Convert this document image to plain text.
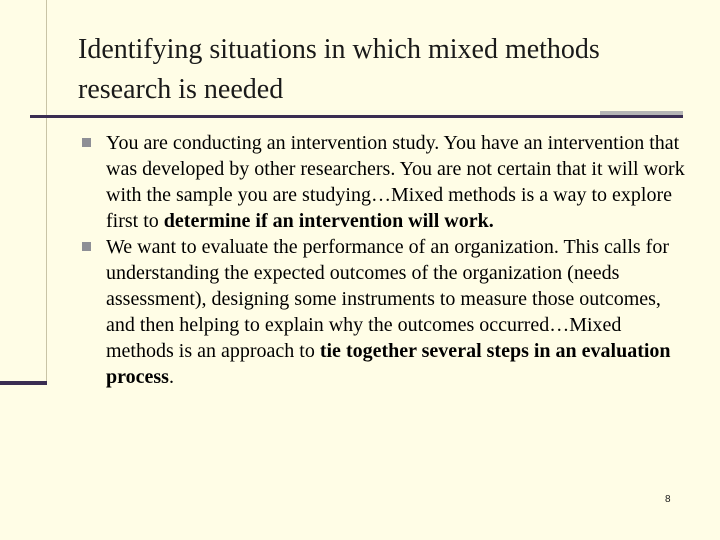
Identifying situations in which mixed methods research is needed
You are conducting an intervention study. You have an intervention that was developed by other researchers. You are not certain that it will work with the sample you are studying…Mixed methods is a way to explore first to determine if an intervention will work.
We want to evaluate the performance of an organization. This calls for understanding the expected outcomes of the organization (needs assessment), designing some instruments to measure those outcomes, and then helping to explain why the outcomes occurred…Mixed methods is an approach to tie together several steps in an evaluation process.
8
